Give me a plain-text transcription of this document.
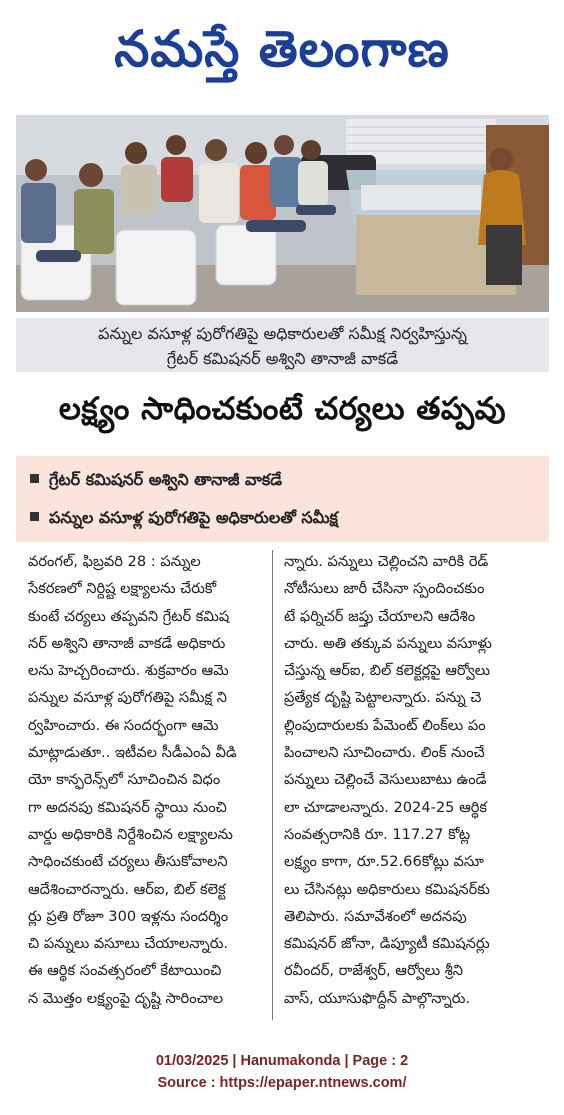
నమస్తే తెలంగాణ
పన్నుల వసూళ్ల పురోగతిపై అధికారులతో సమీక్ష నిర్వహిస్తున్న
గ్రేటర్ కమిషనర్ అశ్విని తానాజీ వాకడే
లక్ష్యం సాధించకుంటే చర్యలు తప్పవు
గ్రేటర్ కమిషనర్ అశ్విని తానాజీ వాకడే
పన్నుల వసూళ్ల పురోగతిపై అధికారులతో సమీక్ష
వరంగల్, ఫిబ్రవరి 28 : పన్నుల
సేకరణలో నిర్దిష్ట లక్ష్యాలను చేరుకో
కుంటే చర్యలు తప్పవని గ్రేటర్ కమిష
నర్ అశ్విని తానాజీ వాకడే అధికారు
లను హెచ్చరించారు. శుక్రవారం ఆమె
పన్నుల వసూళ్ల పురోగతిపై సమీక్ష ని
ర్వహించారు. ఈ సందర్భంగా ఆమె
మాట్లాడుతూ.. ఇటీవల సీడీఎంఏ వీడి
యో కాన్ఫరెన్స్‌లో సూచించిన విధం
గా అదనపు కమిషనర్ స్థాయి నుంచి
వార్డు అధికారికి నిర్దేశించిన లక్ష్యాలను
సాధించకుంటే చర్యలు తీసుకోవాలని
ఆదేశించారన్నారు. ఆర్ఐ, బిల్ కలెక్ట
ర్లు ప్రతి రోజూ 300 ఇళ్లను సందర్శిం
చి పన్నులు వసూలు చేయాలన్నారు.
ఈ ఆర్థిక సంవత్సరంలో కేటాయించి
న మొత్తం లక్ష్యంపై దృష్టి సారించాల
న్నారు. పన్నులు చెల్లించని వారికి రెడ్
నోటీసులు జారీ చేసినా స్పందించకుం
టే ఫర్నిచర్ జప్తు చేయాలని ఆదేశిం
చారు. అతి తక్కువ పన్నులు వసూళ్లు
చేస్తున్న ఆర్ఐ, బిల్ కలెక్టర్లపై ఆర్వోలు
ప్రత్యేక దృష్టి పెట్టాలన్నారు. పన్ను చె
ల్లింపుదారులకు పేమెంట్ లింక్‌లు పం
పించాలని సూచించారు. లింక్ నుంచే
పన్నులు చెల్లించే వెసులుబాటు ఉండే
లా చూడాలన్నారు. 2024-25 ఆర్థిక
సంవత్సరానికి రూ. 117.27 కోట్ల
లక్ష్యం కాగా, రూ.52.66కోట్లు వసూ
లు చేసినట్లు అధికారులు కమిషనర్‌కు
తెలిపారు. సమావేశంలో అదనపు
కమిషనర్ జోనా, డిప్యూటీ కమిషనర్లు
రవీందర్, రాజేశ్వర్, ఆర్వోలు శ్రీని
వాస్, యూసుఫొద్దీన్ పాల్గొన్నారు.
01/03/2025 | Hanumakonda | Page : 2
Source : https://epaper.ntnews.com/
